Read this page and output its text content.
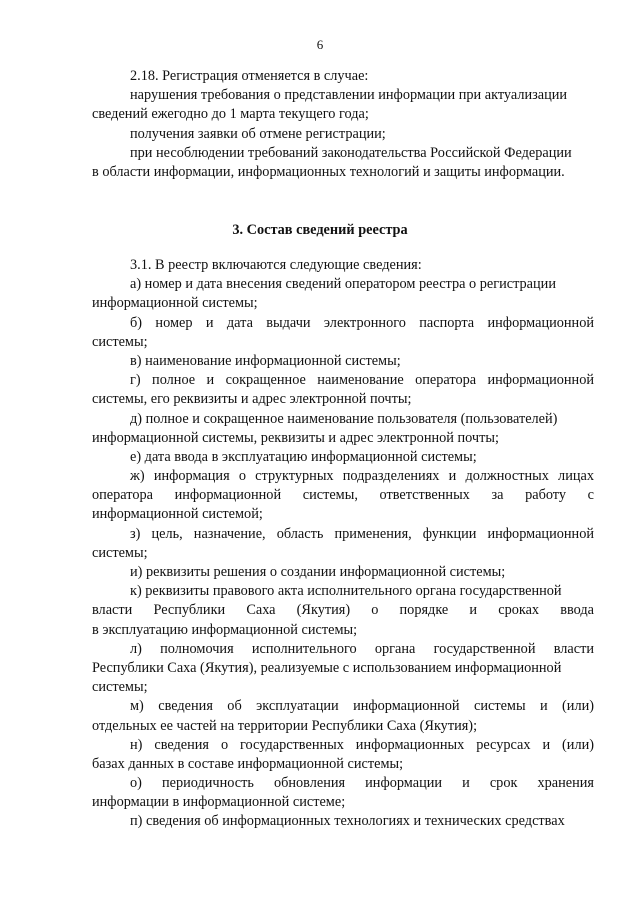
6
2.18. Регистрация отменяется в случае:
нарушения требования о представлении информации при актуализации
сведений ежегодно до 1 марта текущего года;
получения заявки об отмене регистрации;
при несоблюдении требований законодательства Российской Федерации
в области информации, информационных технологий и защиты информации.
3. Состав сведений реестра
3.1. В реестр включаются следующие сведения:
а) номер и дата внесения сведений оператором реестра о регистрации
информационной системы;
б) номер и дата выдачи электронного паспорта информационной
системы;
в) наименование информационной системы;
г) полное и сокращенное наименование оператора информационной
системы, его реквизиты и адрес электронной почты;
д) полное и сокращенное наименование пользователя (пользователей)
информационной системы, реквизиты и адрес электронной почты;
е) дата ввода в эксплуатацию информационной системы;
ж) информация о структурных подразделениях и должностных лицах
оператора информационной системы, ответственных за работу с
информационной системой;
з) цель, назначение, область применения, функции информационной
системы;
и) реквизиты решения о создании информационной системы;
к) реквизиты правового акта исполнительного органа государственной
власти Республики Саха (Якутия) о порядке и сроках ввода
в эксплуатацию информационной системы;
л) полномочия исполнительного органа государственной власти
Республики Саха (Якутия), реализуемые с использованием информационной
системы;
м) сведения об эксплуатации информационной системы и (или)
отдельных ее частей на территории Республики Саха (Якутия);
н) сведения о государственных информационных ресурсах и (или)
базах данных в составе информационной системы;
о) периодичность обновления информации и срок хранения
информации в информационной системе;
п) сведения об информационных технологиях и технических средствах
